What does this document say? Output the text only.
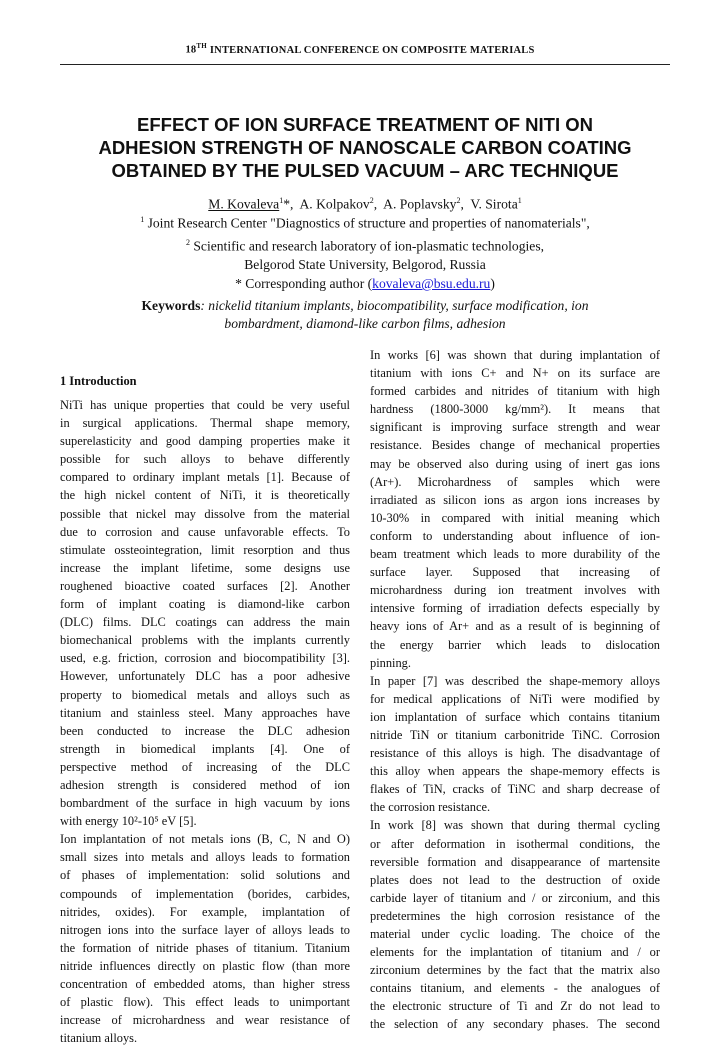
18TH INTERNATIONAL CONFERENCE ON COMPOSITE MATERIALS
EFFECT OF ION SURFACE TREATMENT OF NITI ON
ADHESION STRENGTH OF NANOSCALE CARBON COATING
OBTAINED BY THE PULSED VACUUM – ARC TECHNIQUE
M. Kovaleva$^1$*,  A. Kolpakov$^2$,  A. Poplavsky$^2$,  V. Sirota$^1$
$^1$ Joint Research Center "Diagnostics of structure and properties of nanomaterials",
$^2$ Scientific and research laboratory of ion-plasmatic technologies,
Belgorod State University, Belgorod, Russia
* Corresponding author (kovaleva@bsu.edu.ru)
Keywords: nickelid titanium implants, biocompatibility, surface modification, ion
bombardment, diamond-like carbon films, adhesion
1 Introduction
NiTi has unique properties that could be very useful
in surgical applications. Thermal shape memory,
superelasticity and good damping properties make it
possible for such alloys to behave differently
compared to ordinary implant metals [1]. Because of
the high nickel content of NiTi, it is theoretically
possible that nickel may dissolve from the material
due to corrosion and cause unfavorable effects. To
stimulate ossteointegration, limit resorption and thus
increase the implant lifetime, some designs use
roughened bioactive coated surfaces [2]. Another
form of implant coating is diamond-like carbon
(DLC) films. DLC coatings can address the main
biomechanical problems with the implants currently
used, e.g. friction, corrosion and biocompatibility [3].
However, unfortunately DLC has a poor adhesive
property to biomedical metals and alloys such as
titanium and stainless steel. Many approaches have
been conducted to increase the DLC adhesion
strength in biomedical implants [4]. One of
perspective method of increasing of the DLC
adhesion strength is considered method of ion
bombardment of the surface in high vacuum by ions
with energy 10²-10⁵ eV [5].
Ion implantation of not metals ions (B, C, N and O)
small sizes into metals and alloys leads to formation
of phases of implementation: solid solutions and
compounds of implementation (borides, carbides,
nitrides, oxides). For example, implantation of
nitrogen ions into the surface layer of alloys leads to
the formation of nitride phases of titanium. Titanium
nitride influences directly on plastic flow (than more
concentration of embedded atoms, than higher stress
of plastic flow). This effect leads to unimportant
increase of microhardness and wear resistance of
titanium alloys.
In works [6] was shown that during implantation of
titanium with ions C+ and N+ on its surface are
formed carbides and nitrides of titanium with high
hardness (1800-3000 kg/mm²). It means that
significant is improving surface strength and wear
resistance. Besides change of mechanical properties
may be observed also during using of inert gas ions
(Ar+). Microhardness of samples which were
irradiated as silicon ions as argon ions increases by
10-30% in compared with initial meaning which
conform to understanding about influence of ion-
beam treatment which leads to more durability of the
surface layer. Supposed that increasing of
microhardness during ion treatment involves with
intensive forming of irradiation defects especially by
heavy ions of Ar+ and as a result of is beginning of
the energy barrier which leads to dislocation
pinning.
In paper [7] was described the shape-memory alloys
for medical applications of NiTi were modified by
ion implantation of surface which contains titanium
nitride TiN or titanium carbonitride TiNC. Corrosion
resistance of this alloys is high. The disadvantage of
this alloy when appears the shape-memory effects is
flakes of TiN, cracks of TiNC and sharp decrease of
the corrosion resistance.
In work [8] was shown that during thermal cycling
or after deformation in isothermal conditions, the
reversible formation and disappearance of martensite
plates does not lead to the destruction of oxide
carbide layer of titanium and / or zirconium, and this
predetermines the high corrosion resistance of the
material under cyclic loading. The choice of the
elements for the implantation of titanium and / or
zirconium determines by the fact that the matrix also
contains titanium, and elements - the analogues of
the electronic structure of Ti and Zr do not lead to
the selection of any secondary phases. The second
